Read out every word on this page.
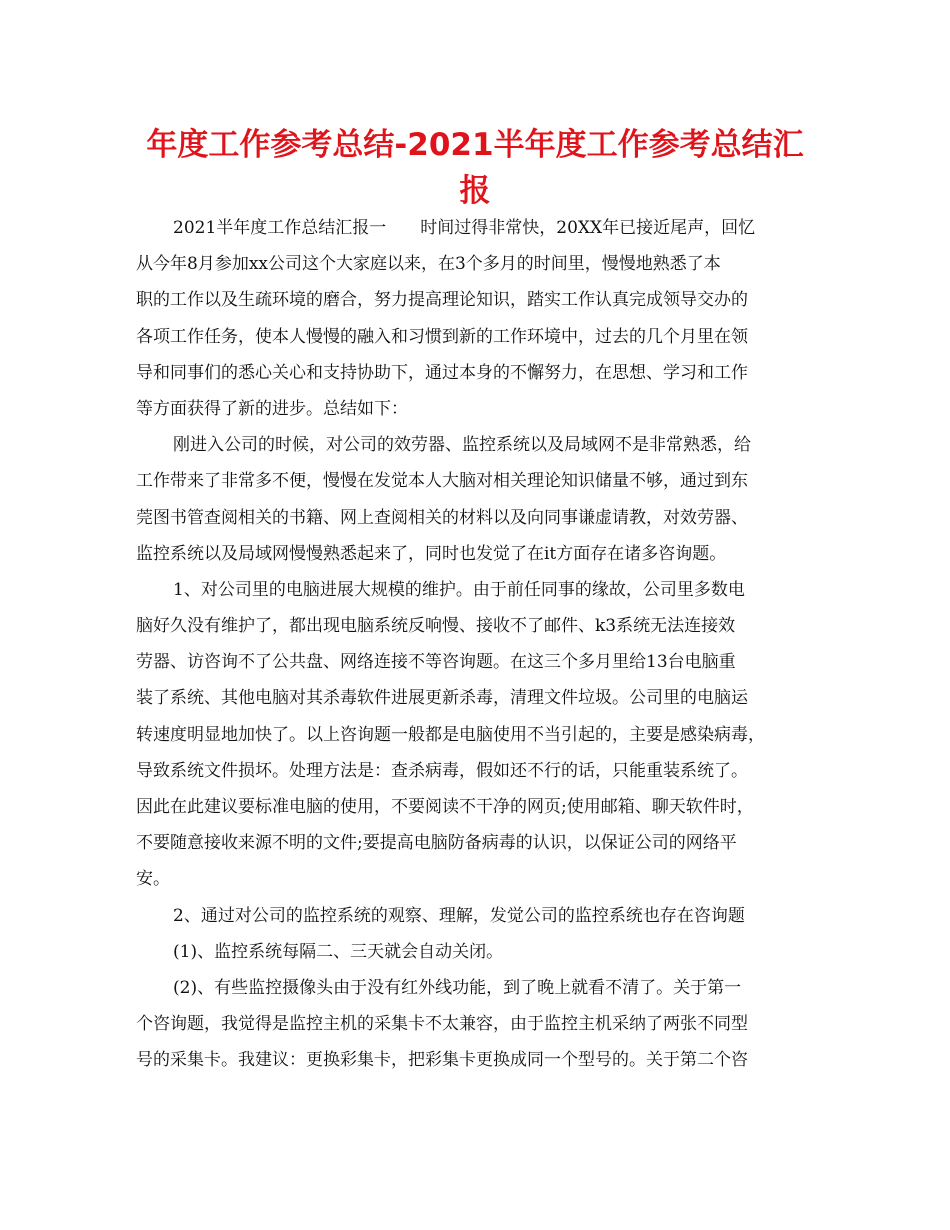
年度工作参考总结-2021半年度工作参考总结汇
报
2021半年度工作总结汇报一　　时间过得非常快，20XX年已接近尾声，回忆
从今年8月参加xx公司这个大家庭以来，在3个多月的时间里，慢慢地熟悉了本
职的工作以及生疏环境的磨合，努力提高理论知识，踏实工作认真完成领导交办的
各项工作任务，使本人慢慢的融入和习惯到新的工作环境中，过去的几个月里在领
导和同事们的悉心关心和支持协助下，通过本身的不懈努力，在思想、学习和工作
等方面获得了新的进步。总结如下：
刚进入公司的时候，对公司的效劳器、监控系统以及局域网不是非常熟悉，给
工作带来了非常多不便，慢慢在发觉本人大脑对相关理论知识储量不够，通过到东
莞图书管查阅相关的书籍、网上查阅相关的材料以及向同事谦虚请教，对效劳器、
监控系统以及局域网慢慢熟悉起来了，同时也发觉了在it方面存在诸多咨询题。
1、对公司里的电脑进展大规模的维护。由于前任同事的缘故，公司里多数电
脑好久没有维护了，都出现电脑系统反响慢、接收不了邮件、k3系统无法连接效
劳器、访咨询不了公共盘、网络连接不等咨询题。在这三个多月里给13台电脑重
装了系统、其他电脑对其杀毒软件进展更新杀毒，清理文件垃圾。公司里的电脑运
转速度明显地加快了。以上咨询题一般都是电脑使用不当引起的，主要是感染病毒，
导致系统文件损坏。处理方法是：查杀病毒，假如还不行的话，只能重装系统了。
因此在此建议要标准电脑的使用，不要阅读不干净的网页;使用邮箱、聊天软件时，
不要随意接收来源不明的文件;要提高电脑防备病毒的认识，以保证公司的网络平
安。
2、通过对公司的监控系统的观察、理解，发觉公司的监控系统也存在咨询题
(1)、监控系统每隔二、三天就会自动关闭。
(2)、有些监控摄像头由于没有红外线功能，到了晚上就看不清了。关于第一
个咨询题，我觉得是监控主机的采集卡不太兼容，由于监控主机采纳了两张不同型
号的采集卡。我建议：更换彩集卡，把彩集卡更换成同一个型号的。关于第二个咨
